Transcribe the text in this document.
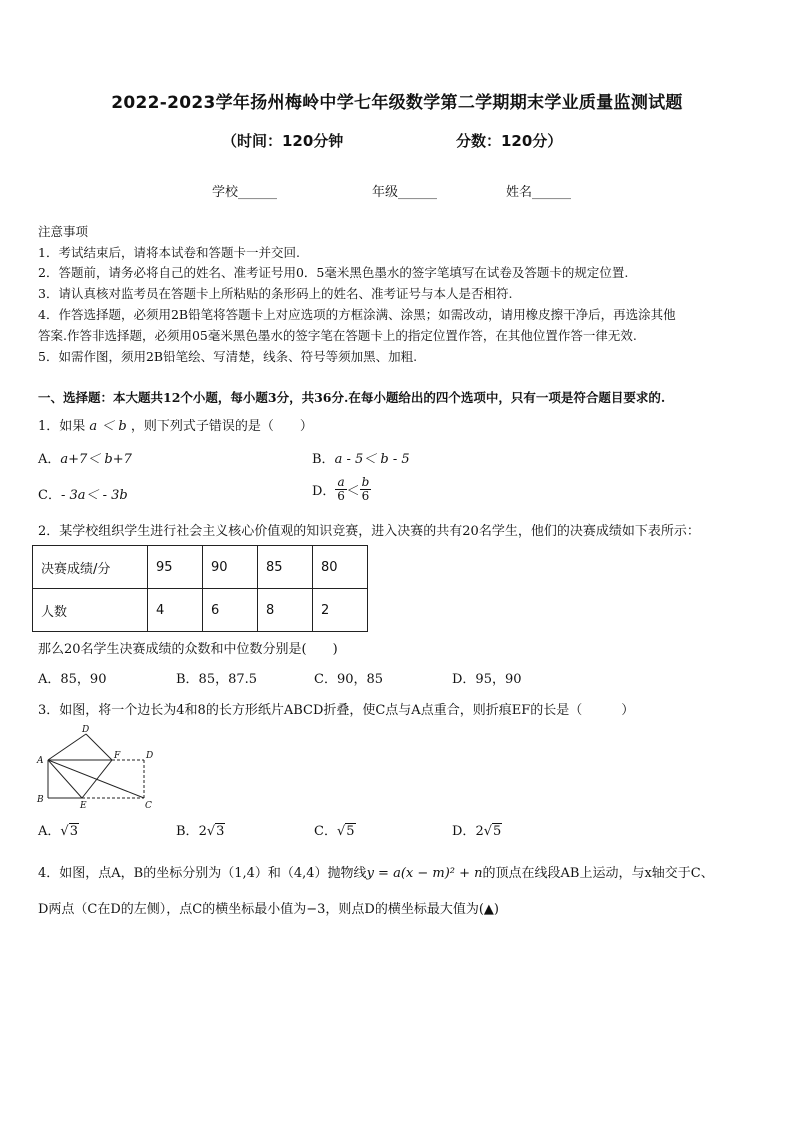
2022-2023学年扬州梅岭中学七年级数学第二学期期末学业质量监测试题
（时间：120分钟	分数：120分）
学校______	年级______	姓名______
注意事项
1．考试结束后，请将本试卷和答题卡一并交回.
2．答题前，请务必将自己的姓名、准考证号用0．5毫米黑色墨水的签字笔填写在试卷及答题卡的规定位置.
3．请认真核对监考员在答题卡上所粘贴的条形码上的姓名、准考证号与本人是否相符.
4．作答选择题，必须用2B铅笔将答题卡上对应选项的方框涂满、涂黑；如需改动，请用橡皮擦干净后，再选涂其他
答案.作答非选择题，必须用05毫米黑色墨水的签字笔在答题卡上的指定位置作答，在其他位置作答一律无效.
5．如需作图，须用2B铅笔绘、写清楚，线条、符号等须加黑、加粗.
一、选择题：本大题共12个小题，每小题3分，共36分.在每小题给出的四个选项中，只有一项是符合题目要求的.
1．如果 a ＜ b ，则下列式子错误的是（　　）
A．a+7＜ b+7	B．a - 5＜ b - 5
C．- 3a＜ - 3b	D． $\frac{a}{6} < \frac{b}{6}$
2．某学校组织学生进行社会主义核心价值观的知识竞赛，进入决赛的共有20名学生，他们的决赛成绩如下表所示：
决赛成绩/分	95	90	85	80
人数	4	6	8	2
那么20名学生决赛成绩的众数和中位数分别是(　　)
A．85，90	B．85，87.5	C．90，85	D．95，90
3．如图，将一个边长为4和8的长方形纸片ABCD折叠，使C点与A点重合，则折痕EF的长是（　　　）
D
A	F	D
B
E	C
A．√3	B．2√3	C．√5	D．2√5
4．如图，点A，B的坐标分别为（1,4）和（4,4）抛物线y = a(x − m)² + n的顶点在线段AB上运动，与x轴交于C、
D两点（C在D的左侧），点C的横坐标最小值为−3，则点D的横坐标最大值为(▲)
